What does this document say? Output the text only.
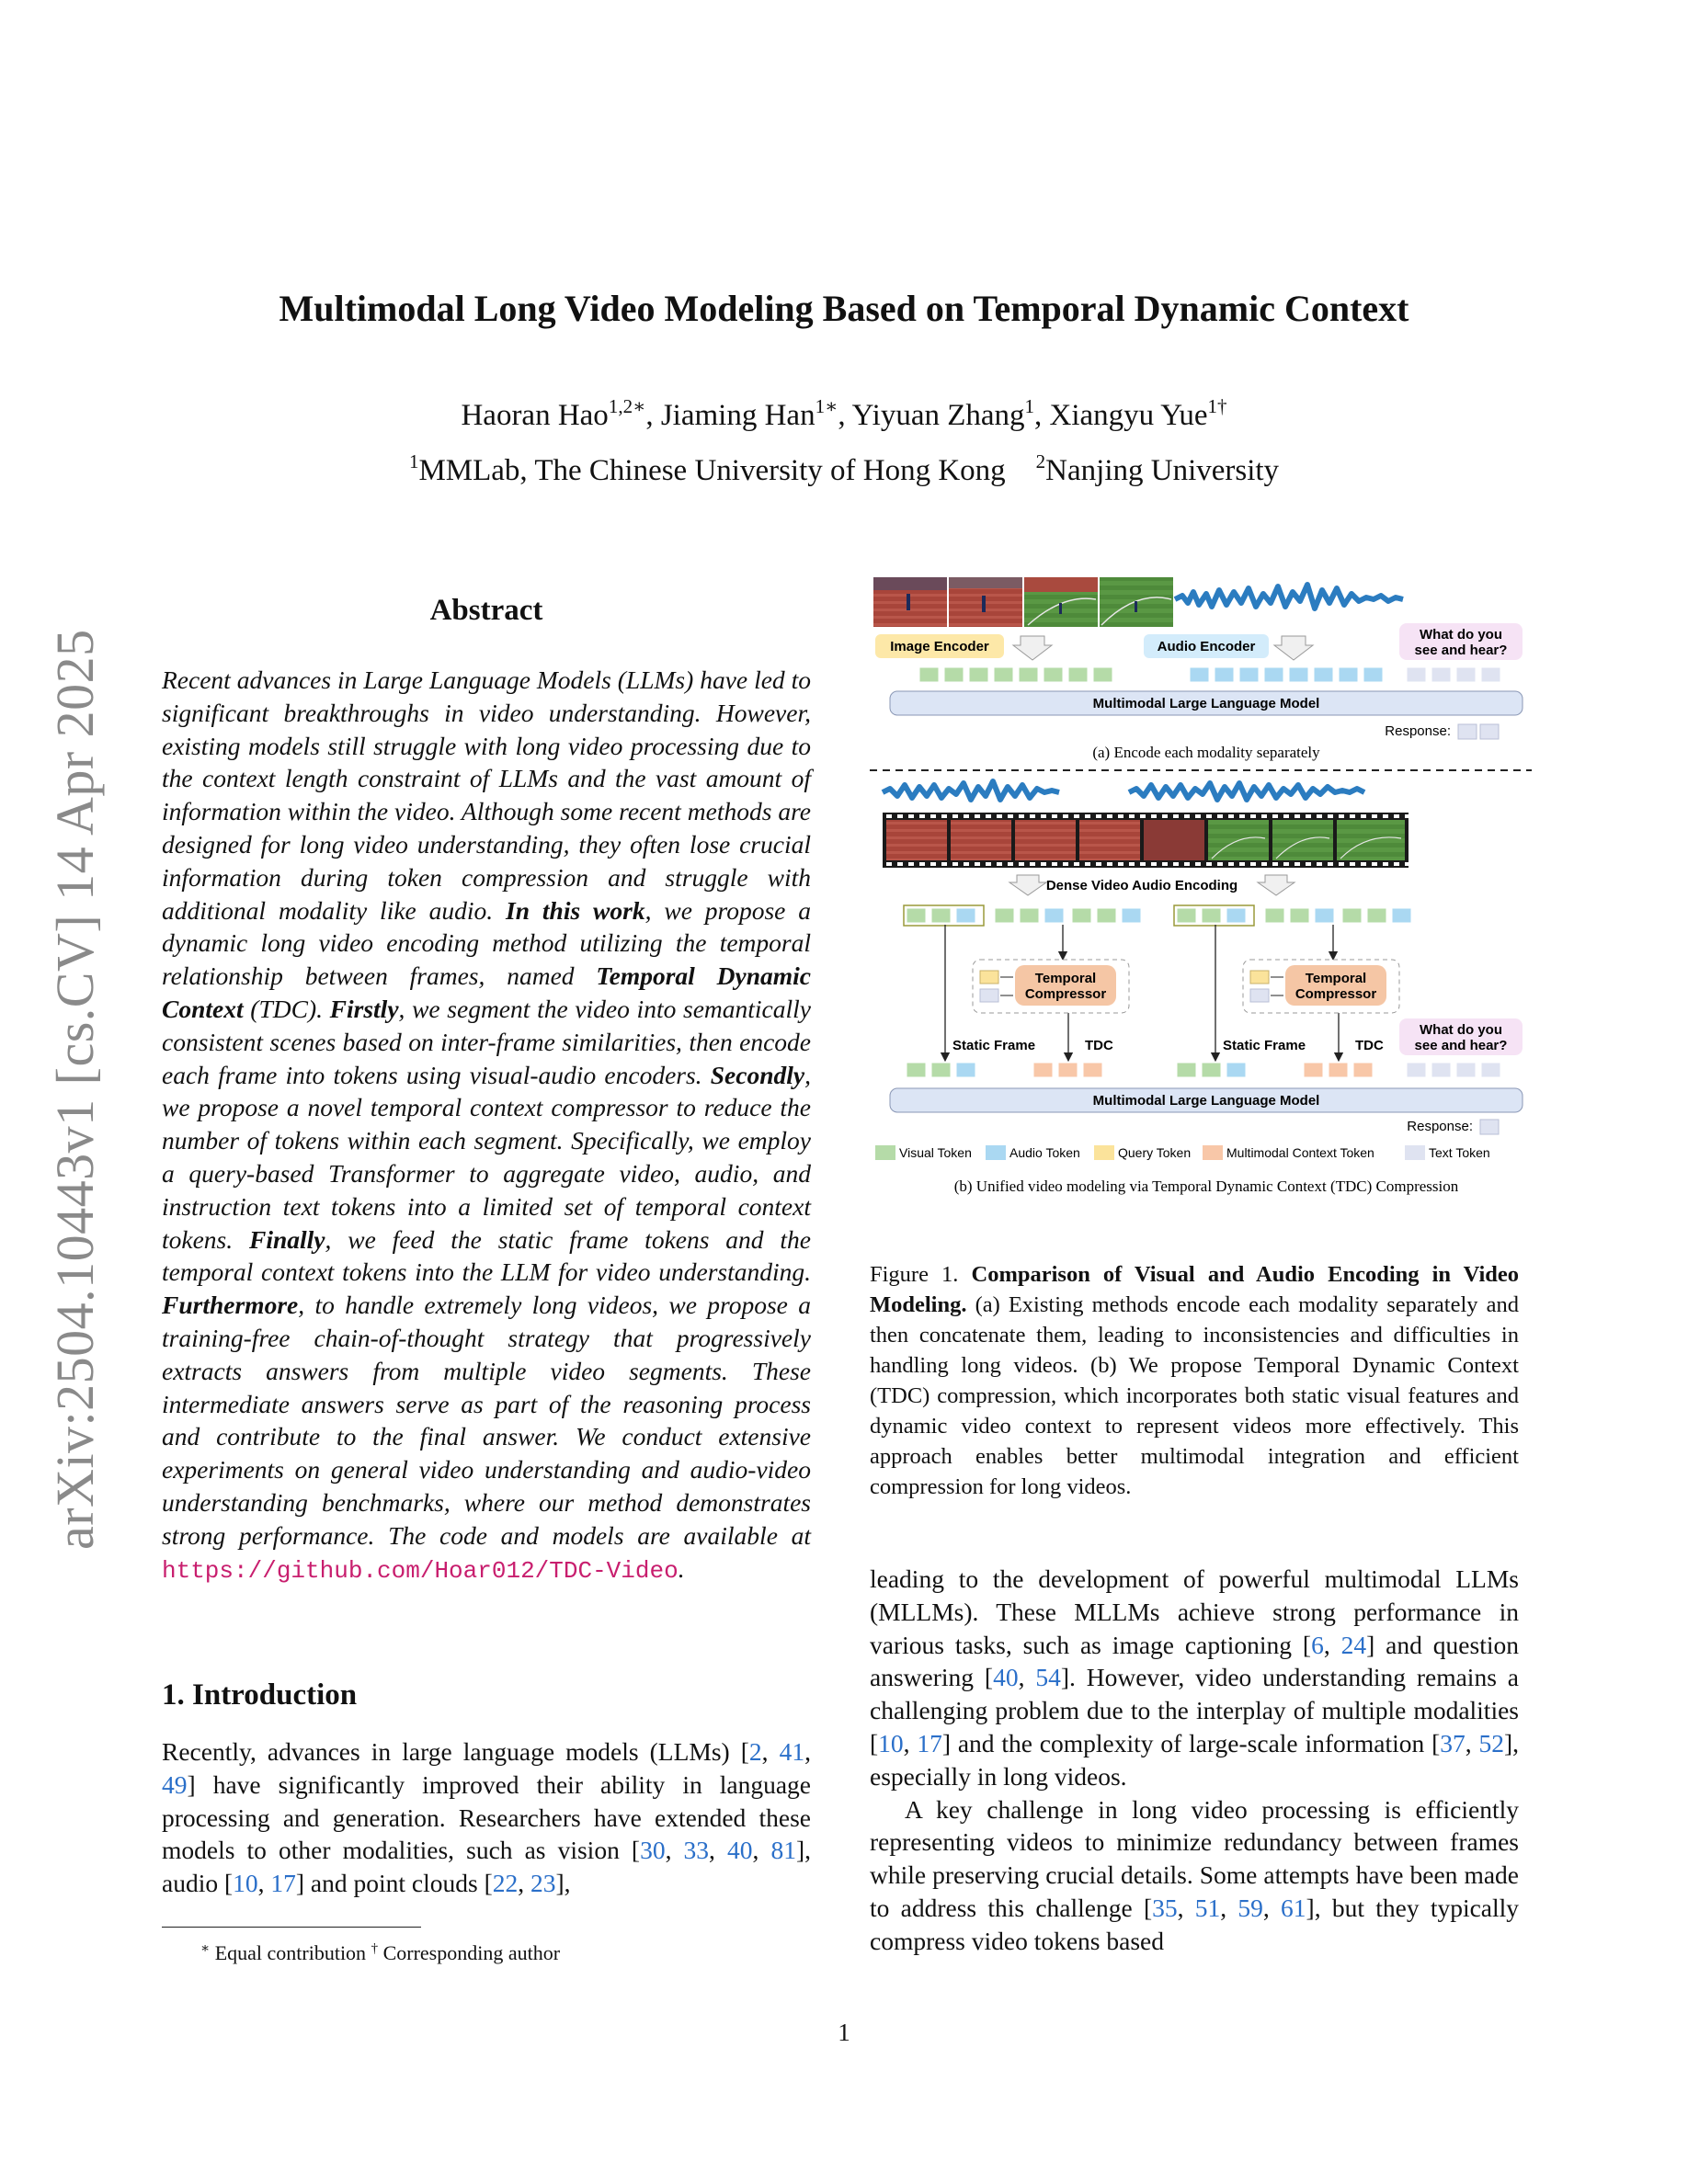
arXiv:2504.10443v1 [cs.CV] 14 Apr 2025
Multimodal Long Video Modeling Based on Temporal Dynamic Context
Haoran Hao$^{1,2∗}$, Jiaming Han$^{1∗}$, Yiyuan Zhang$^1$, Xiangyu Yue$^{1\dagger}$
$^1$MMLab, The Chinese University of Hong Kong $^2$Nanjing University
Abstract
Recent advances in Large Language Models (LLMs) have led to significant breakthroughs in video understanding. However, existing models still struggle with long video processing due to the context length constraint of LLMs and the vast amount of information within the video. Although some recent methods are designed for long video understanding, they often lose crucial information during token compression and struggle with additional modality like audio. In this work, we propose a dynamic long video encoding method utilizing the temporal relationship between frames, named Temporal Dynamic Context (TDC). Firstly, we segment the video into semantically consistent scenes based on inter-frame similarities, then encode each frame into tokens using visual-audio encoders. Secondly, we propose a novel temporal context compressor to reduce the number of tokens within each segment. Specifically, we employ a query-based Transformer to aggregate video, audio, and instruction text tokens into a limited set of temporal context tokens. Finally, we feed the static frame tokens and the temporal context tokens into the LLM for video understanding. Furthermore, to handle extremely long videos, we propose a training-free chain-of-thought strategy that progressively extracts answers from multiple video segments. These intermediate answers serve as part of the reasoning process and contribute to the final answer. We conduct extensive experiments on general video understanding and audio-video understanding benchmarks, where our method demonstrates strong performance. The code and models are available at https://github.com/Hoar012/TDC-Video.
1. Introduction
Recently, advances in large language models (LLMs) [2, 41, 49] have significantly improved their ability in language processing and generation. Researchers have extended these models to other modalities, such as vision [30, 33, 40, 81], audio [10, 17] and point clouds [22, 23],
∗ Equal contribution † Corresponding author
Image Encoder	Audio Encoder
What do you
see and hear?
Multimodal Large Language Model
Response:
(a) Encode each modality separately
Dense Video Audio Encoding
Temporal
Compressor
Temporal
Compressor
Static Frame	TDC	Static Frame	TDC
What do you
see and hear?
Multimodal Large Language Model
Response:
Visual Token	Audio Token	Query Token	Multimodal Context Token	Text Token
(b) Unified video modeling via Temporal Dynamic Context (TDC) Compression
Figure 1. Comparison of Visual and Audio Encoding in Video Modeling. (a) Existing methods encode each modality separately and then concatenate them, leading to inconsistencies and difficulties in handling long videos. (b) We propose Temporal Dynamic Context (TDC) compression, which incorporates both static visual features and dynamic video context to represent videos more effectively. This approach enables better multimodal integration and efficient compression for long videos.

leading to the development of powerful multimodal LLMs (MLLMs). These MLLMs achieve strong performance in various tasks, such as image captioning [6, 24] and question answering [40, 54]. However, video understanding remains a challenging problem due to the interplay of multiple modalities [10, 17] and the complexity of large-scale information [37, 52], especially in long videos.

A key challenge in long video processing is efficiently representing videos to minimize redundancy between frames while preserving crucial details. Some attempts have been made to address this challenge [35, 51, 59, 61], but they typically compress video tokens based

1
